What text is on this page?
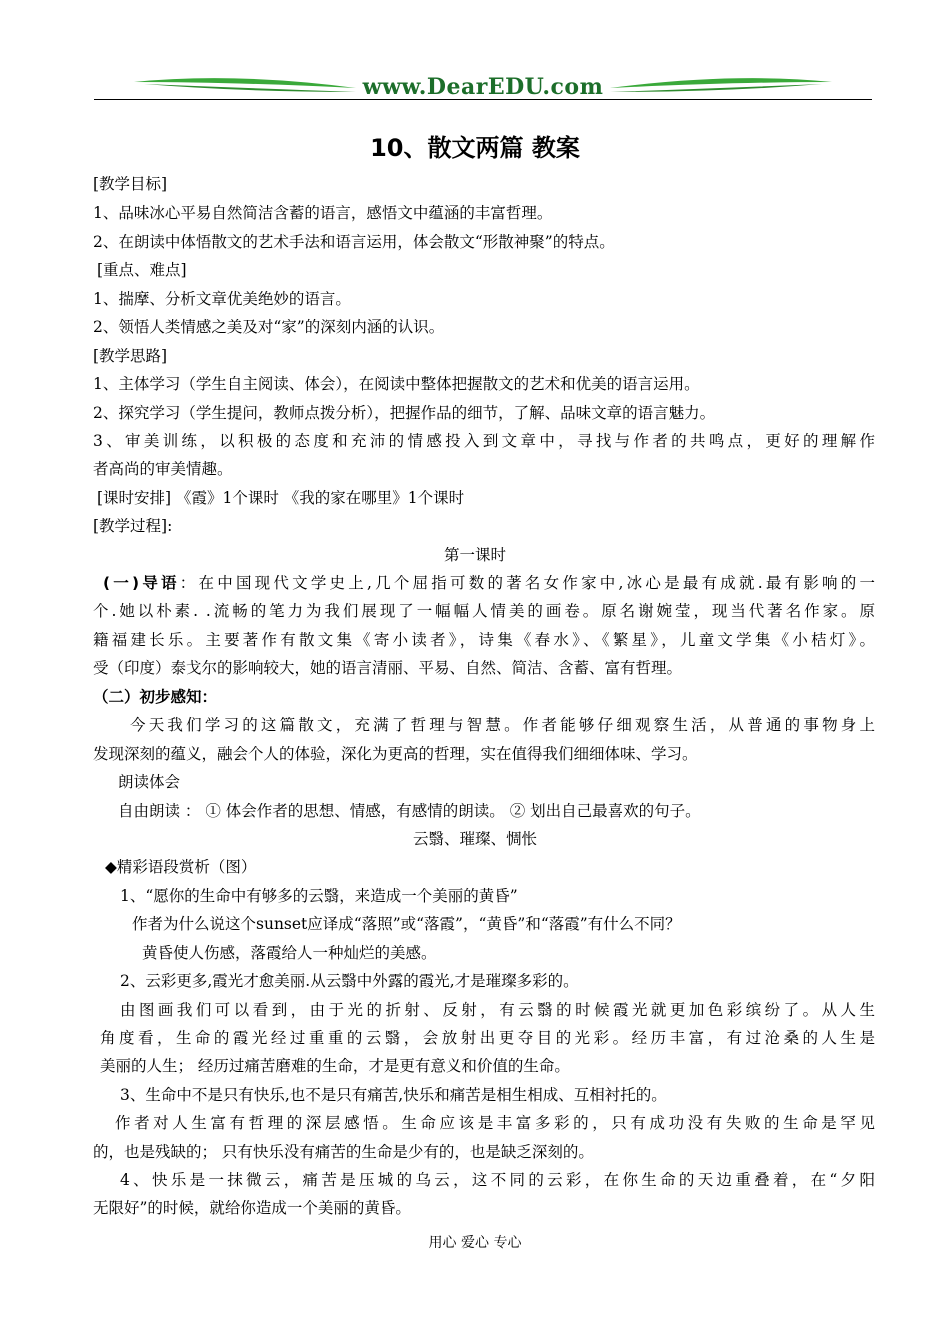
www.DearEDU.com
10、散文两篇 教案
[教学目标]
1、品味冰心平易自然简洁含蓄的语言，感悟文中蕴涵的丰富哲理。
2、在朗读中体悟散文的艺术手法和语言运用，体会散文“形散神聚”的特点。
[重点、难点]
1、揣摩、分析文章优美绝妙的语言。
2、领悟人类情感之美及对“家”的深刻内涵的认识。
[教学思路]
1、主体学习（学生自主阅读、体会），在阅读中整体把握散文的艺术和优美的语言运用。
2、探究学习（学生提问，教师点拨分析），把握作品的细节，了解、品味文章的语言魅力。
3、审美训练，以积极的态度和充沛的情感投入到文章中，寻找与作者的共鸣点，更好的理解作
者高尚的审美情趣。
[课时安排] 《霞》1个课时 《我的家在哪里》1个课时
[教学过程]:
第一课时
(一)导语：在中国现代文学史上,几个屈指可数的著名女作家中,冰心是最有成就.最有影响的一
个.她以朴素. .流畅的笔力为我们展现了一幅幅人情美的画卷。原名谢婉莹，现当代著名作家。原
籍福建长乐。主要著作有散文集《寄小读者》，诗集《春水》、《繁星》，儿童文学集《小桔灯》。
受（印度）泰戈尔的影响较大，她的语言清丽、平易、自然、简洁、含蓄、富有哲理。
（二）初步感知：
今天我们学习的这篇散文，充满了哲理与智慧。作者能够仔细观察生活，从普通的事物身上
发现深刻的蕴义，融会个人的体验，深化为更高的哲理，实在值得我们细细体味、学习。
朗读体会
自由朗读 ： ① 体会作者的思想、情感，有感情的朗读。 ② 划出自己最喜欢的句子。
云翳、璀璨、惆怅
◆精彩语段赏析（图）
1、“愿你的生命中有够多的云翳，来造成一个美丽的黄昏”
作者为什么说这个sunset应译成“落照”或“落霞”，“黄昏”和“落霞”有什么不同？
黄昏使人伤感，落霞给人一种灿烂的美感。
2、云彩更多,霞光才愈美丽.从云翳中外露的霞光,才是璀璨多彩的。
由图画我们可以看到，由于光的折射、反射，有云翳的时候霞光就更加色彩缤纷了。从人生
角度看，生命的霞光经过重重的云翳，会放射出更夺目的光彩。经历丰富，有过沧桑的人生是
美丽的人生； 经历过痛苦磨难的生命，才是更有意义和价值的生命。
3、生命中不是只有快乐,也不是只有痛苦,快乐和痛苦是相生相成、互相衬托的。
作者对人生富有哲理的深层感悟。生命应该是丰富多彩的，只有成功没有失败的生命是罕见
的，也是残缺的； 只有快乐没有痛苦的生命是少有的，也是缺乏深刻的。
4、快乐是一抹微云，痛苦是压城的乌云，这不同的云彩，在你生命的天边重叠着，在“夕阳
无限好”的时候，就给你造成一个美丽的黄昏。
用心 爱心 专心
